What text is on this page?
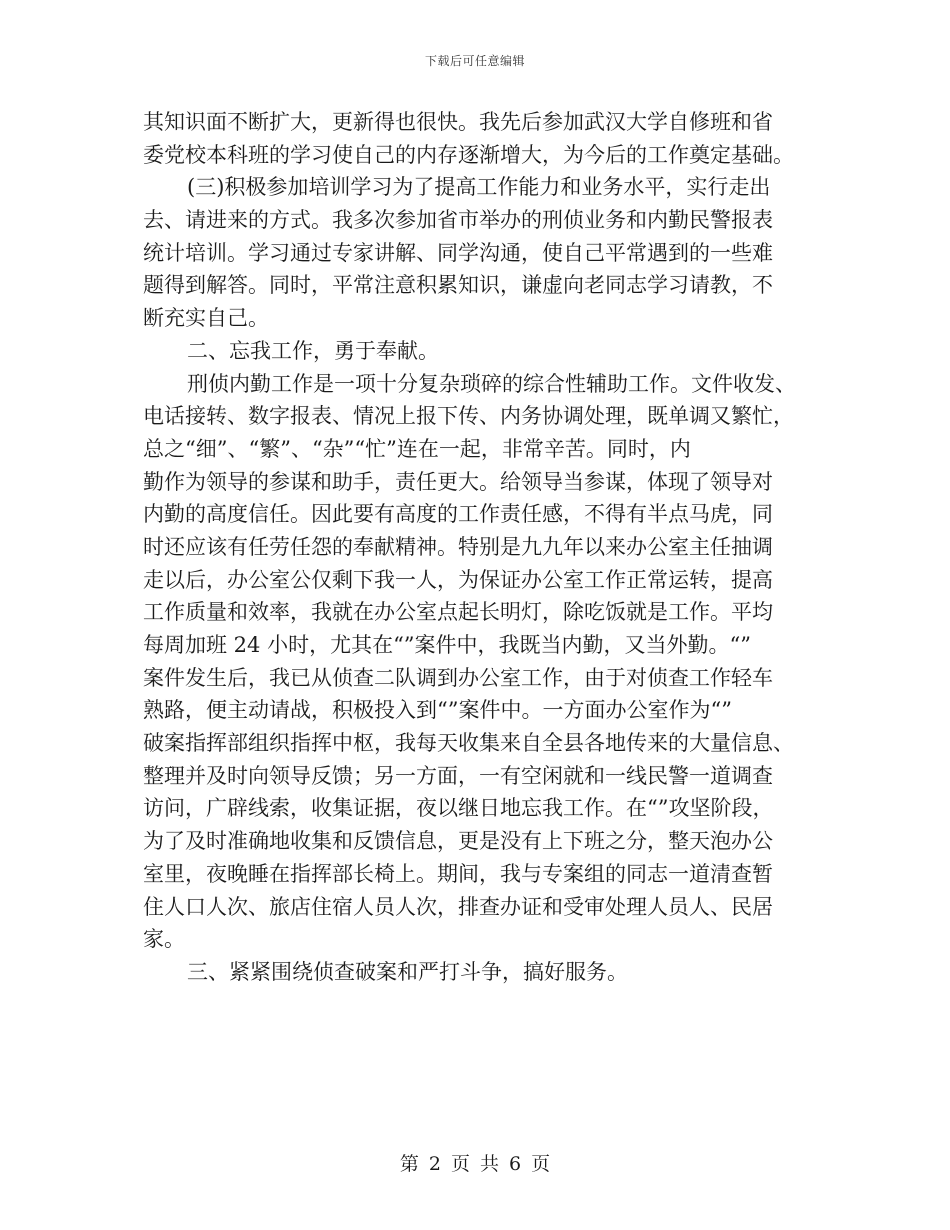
下载后可任意编辑
其知识面不断扩大，更新得也很快。我先后参加武汉大学自修班和省
委党校本科班的学习使自己的内存逐渐增大，为今后的工作奠定基础。
(三)积极参加培训学习为了提高工作能力和业务水平，实行走出
去、请进来的方式。我多次参加省市举办的刑侦业务和内勤民警报表
统计培训。学习通过专家讲解、同学沟通，使自己平常遇到的一些难
题得到解答。同时，平常注意积累知识，谦虚向老同志学习请教，不
断充实自己。
二、忘我工作，勇于奉献。
刑侦内勤工作是一项十分复杂琐碎的综合性辅助工作。文件收发、
电话接转、数字报表、情况上报下传、内务协调处理，既单调又繁忙，
总之“细”、“繁”、“杂”“忙”连在一起，非常辛苦。同时，内
勤作为领导的参谋和助手，责任更大。给领导当参谋，体现了领导对
内勤的高度信任。因此要有高度的工作责任感，不得有半点马虎，同
时还应该有任劳任怨的奉献精神。特别是九九年以来办公室主任抽调
走以后，办公室公仅剩下我一人，为保证办公室工作正常运转，提高
工作质量和效率，我就在办公室点起长明灯，除吃饭就是工作。平均
每周加班 24 小时，尤其在“”案件中，我既当内勤，又当外勤。“”
案件发生后，我已从侦查二队调到办公室工作，由于对侦查工作轻车
熟路，便主动请战，积极投入到“”案件中。一方面办公室作为“”
破案指挥部组织指挥中枢，我每天收集来自全县各地传来的大量信息、
整理并及时向领导反馈；另一方面，一有空闲就和一线民警一道调查
访问，广辟线索，收集证据，夜以继日地忘我工作。在“”攻坚阶段，
为了及时准确地收集和反馈信息，更是没有上下班之分，整天泡办公
室里，夜晚睡在指挥部长椅上。期间，我与专案组的同志一道清查暂
住人口人次、旅店住宿人员人次，排查办证和受审处理人员人、民居
家。
三、紧紧围绕侦查破案和严打斗争，搞好服务。
第 2 页 共 6 页
